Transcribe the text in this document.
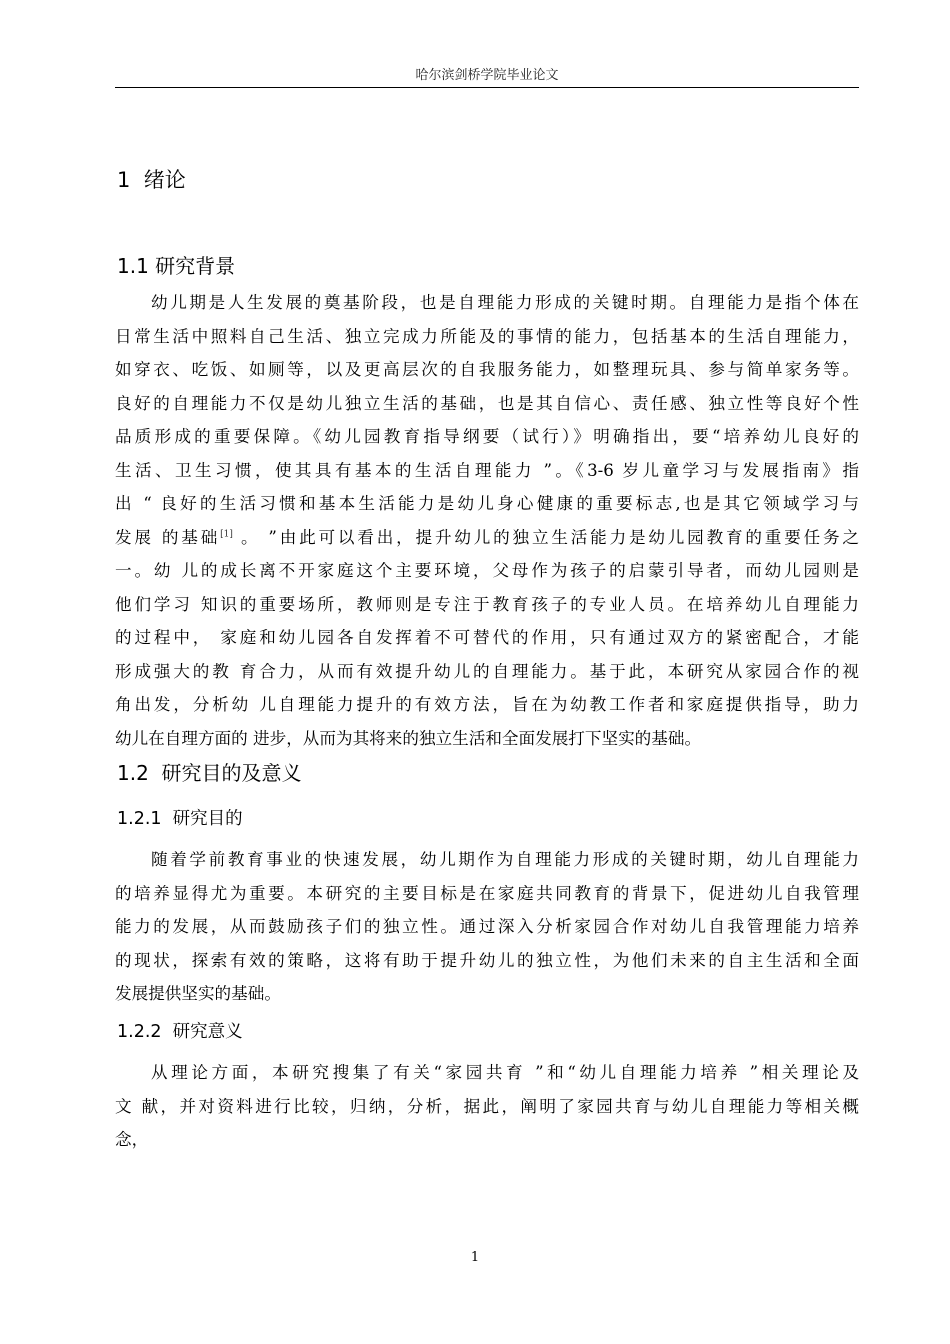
哈尔滨剑桥学院毕业论文
1  绪论
1.1 研究背景
幼儿期是人生发展的奠基阶段，也是自理能力形成的关键时期。自理能力是指个体在
日常生活中照料自己生活、独立完成力所能及的事情的能力，包括基本的生活自理能力，
如穿衣、吃饭、如厕等，以及更高层次的自我服务能力，如整理玩具、参与简单家务等。
良好的自理能力不仅是幼儿独立生活的基础，也是其自信心、责任感、独立性等良好个性
品质形成的重要保障。《幼儿园教育指导纲要（试行）》明确指出，要“培养幼儿良好的
生活、卫生习惯，使其具有基本的生活自理能力 ”。《3-6 岁儿童学习与发展指南》指
出 “ 良好的生活习惯和基本生活能力是幼儿身心健康的重要标志,也是其它领域学习与
发展 的基础[1] 。 ”由此可以看出，提升幼儿的独立生活能力是幼儿园教育的重要任务之
一。幼 儿的成长离不开家庭这个主要环境，父母作为孩子的启蒙引导者，而幼儿园则是
他们学习 知识的重要场所，教师则是专注于教育孩子的专业人员。在培养幼儿自理能力
的过程中， 家庭和幼儿园各自发挥着不可替代的作用，只有通过双方的紧密配合，才能
形成强大的教 育合力，从而有效提升幼儿的自理能力。基于此，本研究从家园合作的视
角出发，分析幼 儿自理能力提升的有效方法，旨在为幼教工作者和家庭提供指导，助力
幼儿在自理方面的 进步，从而为其将来的独立生活和全面发展打下坚实的基础。
1.2  研究目的及意义
1.2.1  研究目的
随着学前教育事业的快速发展，幼儿期作为自理能力形成的关键时期，幼儿自理能力
的培养显得尤为重要。本研究的主要目标是在家庭共同教育的背景下，促进幼儿自我管理
能力的发展，从而鼓励孩子们的独立性。通过深入分析家园合作对幼儿自我管理能力培养
的现状，探索有效的策略，这将有助于提升幼儿的独立性，为他们未来的自主生活和全面
发展提供坚实的基础。
1.2.2  研究意义
从理论方面，本研究搜集了有关“家园共育 ”和“幼儿自理能力培养 ”相关理论及
文 献，并对资料进行比较，归纳，分析，据此，阐明了家园共育与幼儿自理能力等相关概
念，
1
